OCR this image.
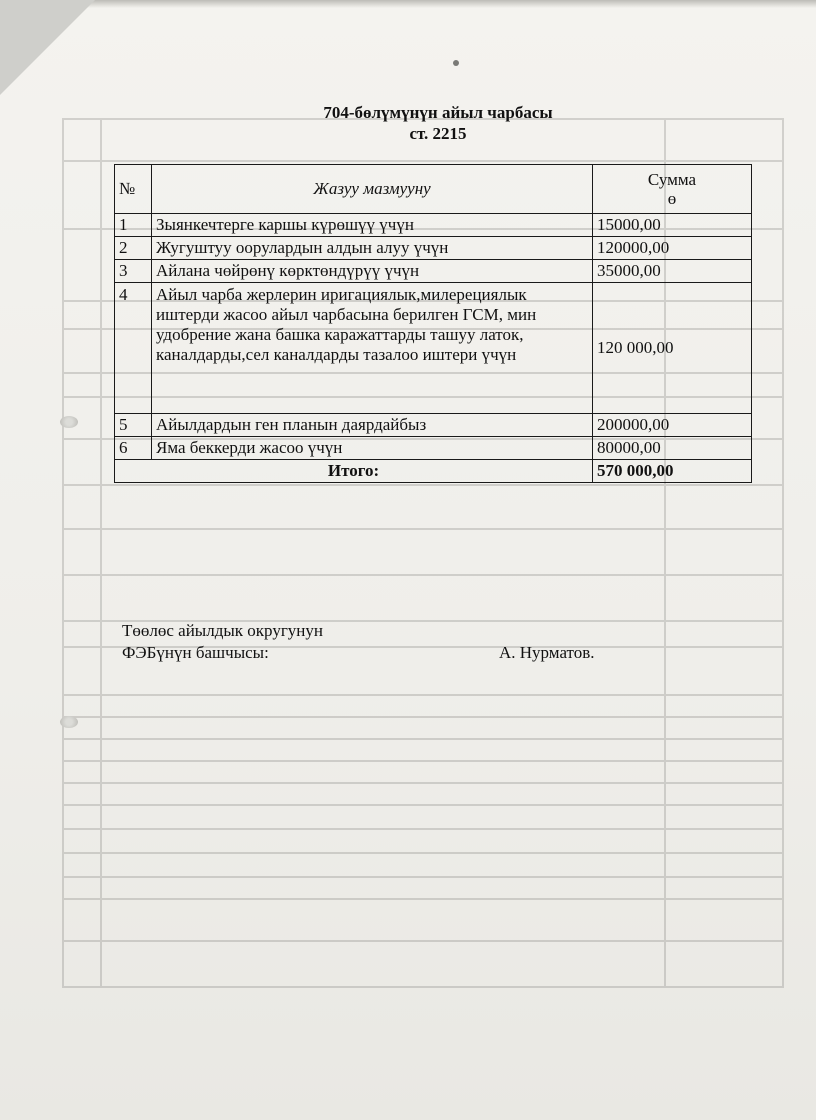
704-бөлүмүнүн айыл чарбасы
ст. 2215
№	Жазуу мазмууну	Сумма
ө
1	Зыянкечтерге каршы күрөшүү үчүн	15000,00
2	Жугуштуу оорулардын алдын алуу үчүн	120000,00
3	Айлана чөйрөнү көрктөндүрүү үчүн	35000,00
4	Айыл чарба жерлерин иригациялык,милерециялык иштерди жасоо айыл чарбасына берилген ГСМ, мин удобрение жана башка каражаттарды ташуу латок, каналдарды,сел каналдарды тазалоо иштери үчүн	120 000,00
5	Айылдардын ген планын даярдайбыз	200000,00
6	Яма беккерди жасоо үчүн	80000,00
Итого:		570 000,00
Төөлөс айылдык округунун
ФЭБүнүн башчысы:	А. Нурматов.
